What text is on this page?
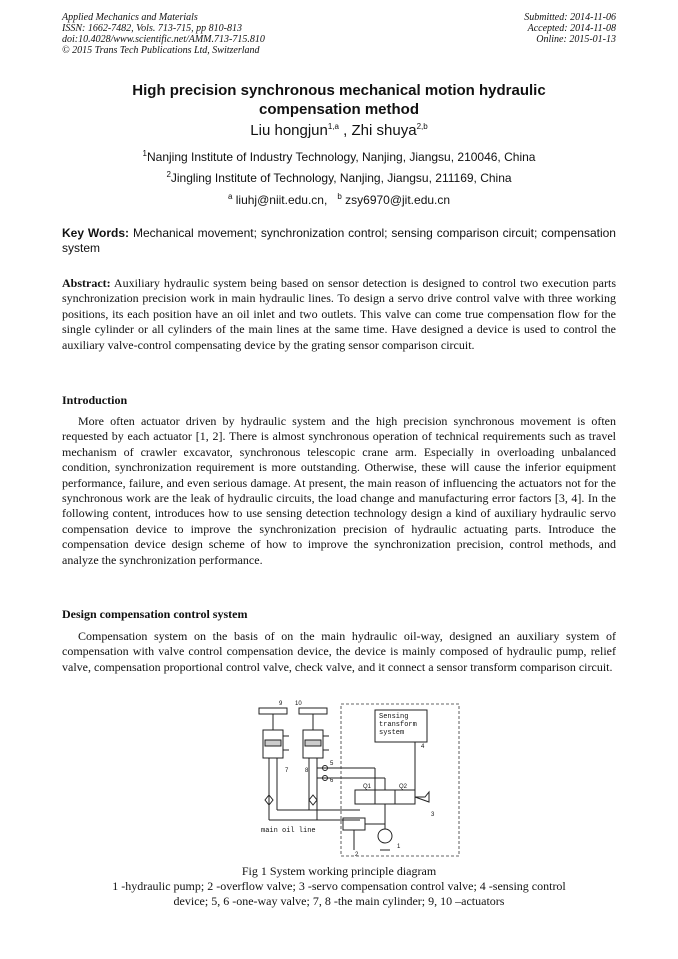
Applied Mechanics and Materials
ISSN: 1662-7482, Vols. 713-715, pp 810-813
doi:10.4028/www.scientific.net/AMM.713-715.810
© 2015 Trans Tech Publications Ltd, Switzerland
Submitted: 2014-11-06
Accepted: 2014-11-08
Online: 2015-01-13
High precision synchronous mechanical motion hydraulic
compensation method
Liu hongjun$^{1,a}$ , Zhi shuya$^{2,b}$
$^1$Nanjing Institute of Industry Technology, Nanjing, Jiangsu, 210046, China
$^2$Jingling Institute of Technology, Nanjing, Jiangsu, 211169, China
$^a$ liuhj@niit.edu.cn, $^b$ zsy6970@jit.edu.cn
Key Words: Mechanical movement; synchronization control; sensing comparison circuit; compensation system
Abstract: Auxiliary hydraulic system being based on sensor detection is designed to control two execution parts synchronization precision work in main hydraulic lines. To design a servo drive control valve with three working positions, its each position have an oil inlet and two outlets. This valve can come true compensation flow for the single cylinder or all cylinders of the main lines at the same time. Have designed a device is used to control the auxiliary valve-control compensating device by the grating sensor comparison circuit.
Introduction
More often actuator driven by hydraulic system and the high precision synchronous movement is often requested by each actuator [1, 2]. There is almost synchronous operation of technical requirements such as travel mechanism of crawler excavator, synchronous telescopic crane arm. Especially in overloading unbalanced condition, synchronization requirement is more outstanding. Otherwise, these will cause the inferior equipment performance, failure, and even serious damage. At present, the main reason of influencing the actuators not for the synchronous work are the leak of hydraulic circuits, the load change and manufacturing error factors [3, 4]. In the following content, introduces how to use sensing detection technology design a kind of auxiliary hydraulic servo compensation device to improve the synchronization precision of hydraulic actuating parts. Introduce the compensation device design scheme of how to improve the synchronization precision, control methods, and analyze the synchronization performance.
Design compensation control system
Compensation system on the basis of on the main hydraulic oil-way, designed an auxiliary system of compensation with valve control compensation device, the device is mainly composed of hydraulic pump, relief valve, compensation proportional control valve, check valve, and it connect a sensor transform comparison circuit.
Sensing
transform
system
main oil line
1
2
3
4
5
6
7	8
9 10
Q1	Q2
Fig 1 System working principle diagram
1 -hydraulic pump; 2 -overflow valve; 3 -servo compensation control valve; 4 -sensing control
device; 5, 6 -one-way valve; 7, 8 -the main cylinder; 9, 10 –actuators
